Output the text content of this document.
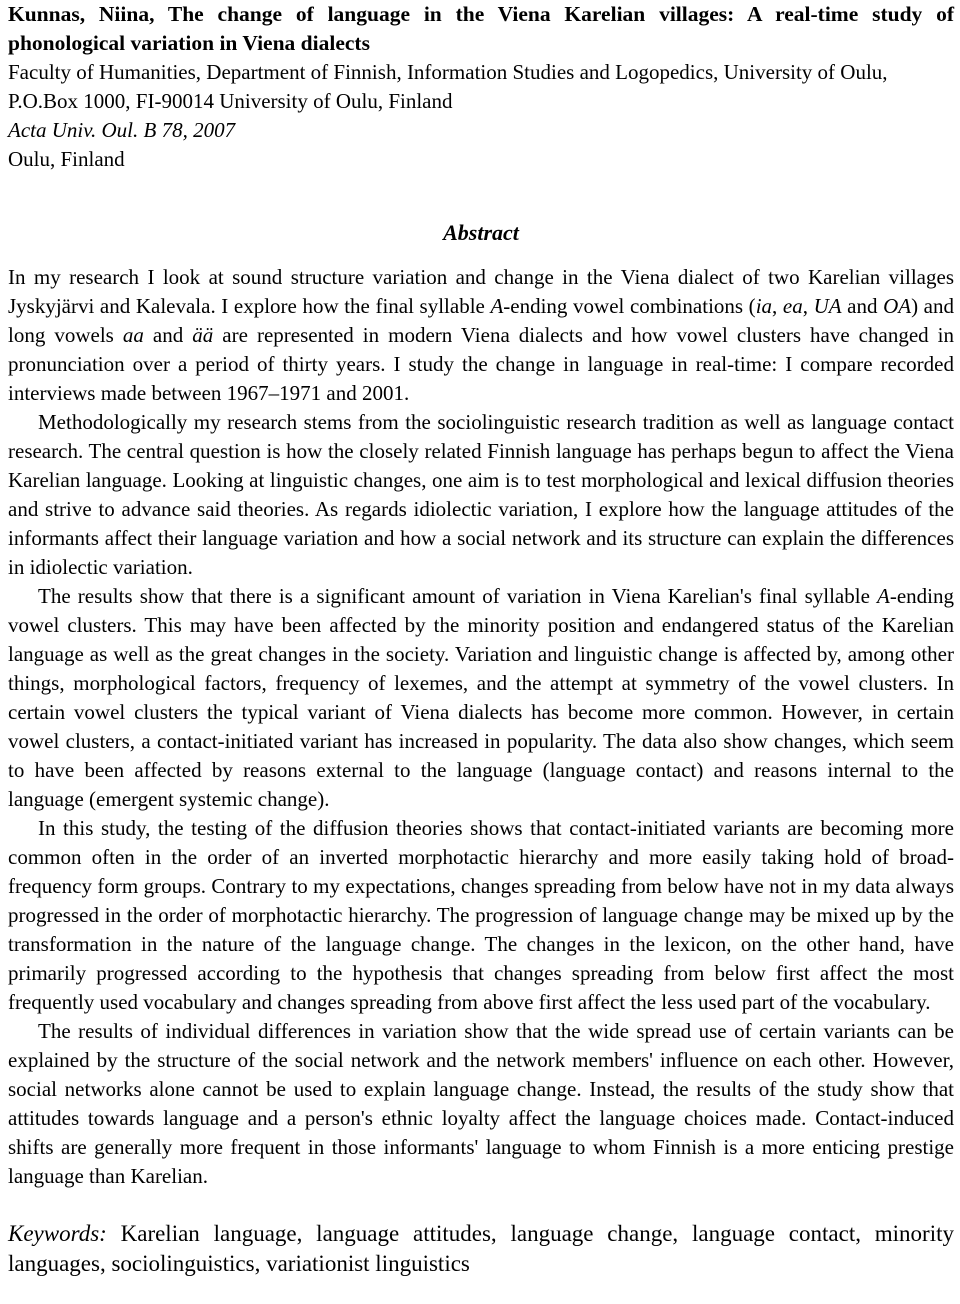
Kunnas, Niina, The change of language in the Viena Karelian villages: A real-time study of phonological variation in Viena dialects

Faculty of Humanities, Department of Finnish, Information Studies and Logopedics, University of Oulu, P.O.Box 1000, FI-90014 University of Oulu, Finland

Acta Univ. Oul. B 78, 2007

Oulu, Finland

Abstract

In my research I look at sound structure variation and change in the Viena dialect of two Karelian villages Jyskyjärvi and Kalevala. I explore how the final syllable A-ending vowel combinations (ia, ea, UA and OA) and long vowels aa and ää are represented in modern Viena dialects and how vowel clusters have changed in pronunciation over a period of thirty years. I study the change in language in real-time: I compare recorded interviews made between 1967–1971 and 2001.

Methodologically my research stems from the sociolinguistic research tradition as well as language contact research. The central question is how the closely related Finnish language has perhaps begun to affect the Viena Karelian language. Looking at linguistic changes, one aim is to test morphological and lexical diffusion theories and strive to advance said theories. As regards idiolectic variation, I explore how the language attitudes of the informants affect their language variation and how a social network and its structure can explain the differences in idiolectic variation.

The results show that there is a significant amount of variation in Viena Karelian's final syllable A-ending vowel clusters. This may have been affected by the minority position and endangered status of the Karelian language as well as the great changes in the society. Variation and linguistic change is affected by, among other things, morphological factors, frequency of lexemes, and the attempt at symmetry of the vowel clusters. In certain vowel clusters the typical variant of Viena dialects has become more common. However, in certain vowel clusters, a contact-initiated variant has increased in popularity. The data also show changes, which seem to have been affected by reasons external to the language (language contact) and reasons internal to the language (emergent systemic change).

In this study, the testing of the diffusion theories shows that contact-initiated variants are becoming more common often in the order of an inverted morphotactic hierarchy and more easily taking hold of broad-frequency form groups. Contrary to my expectations, changes spreading from below have not in my data always progressed in the order of morphotactic hierarchy. The progression of language change may be mixed up by the transformation in the nature of the language change. The changes in the lexicon, on the other hand, have primarily progressed according to the hypothesis that changes spreading from below first affect the most frequently used vocabulary and changes spreading from above first affect the less used part of the vocabulary.

The results of individual differences in variation show that the wide spread use of certain variants can be explained by the structure of the social network and the network members' influence on each other. However, social networks alone cannot be used to explain language change. Instead, the results of the study show that attitudes towards language and a person's ethnic loyalty affect the language choices made. Contact-induced shifts are generally more frequent in those informants' language to whom Finnish is a more enticing prestige language than Karelian.

Keywords: Karelian language, language attitudes, language change, language contact, minority languages, sociolinguistics, variationist linguistics
